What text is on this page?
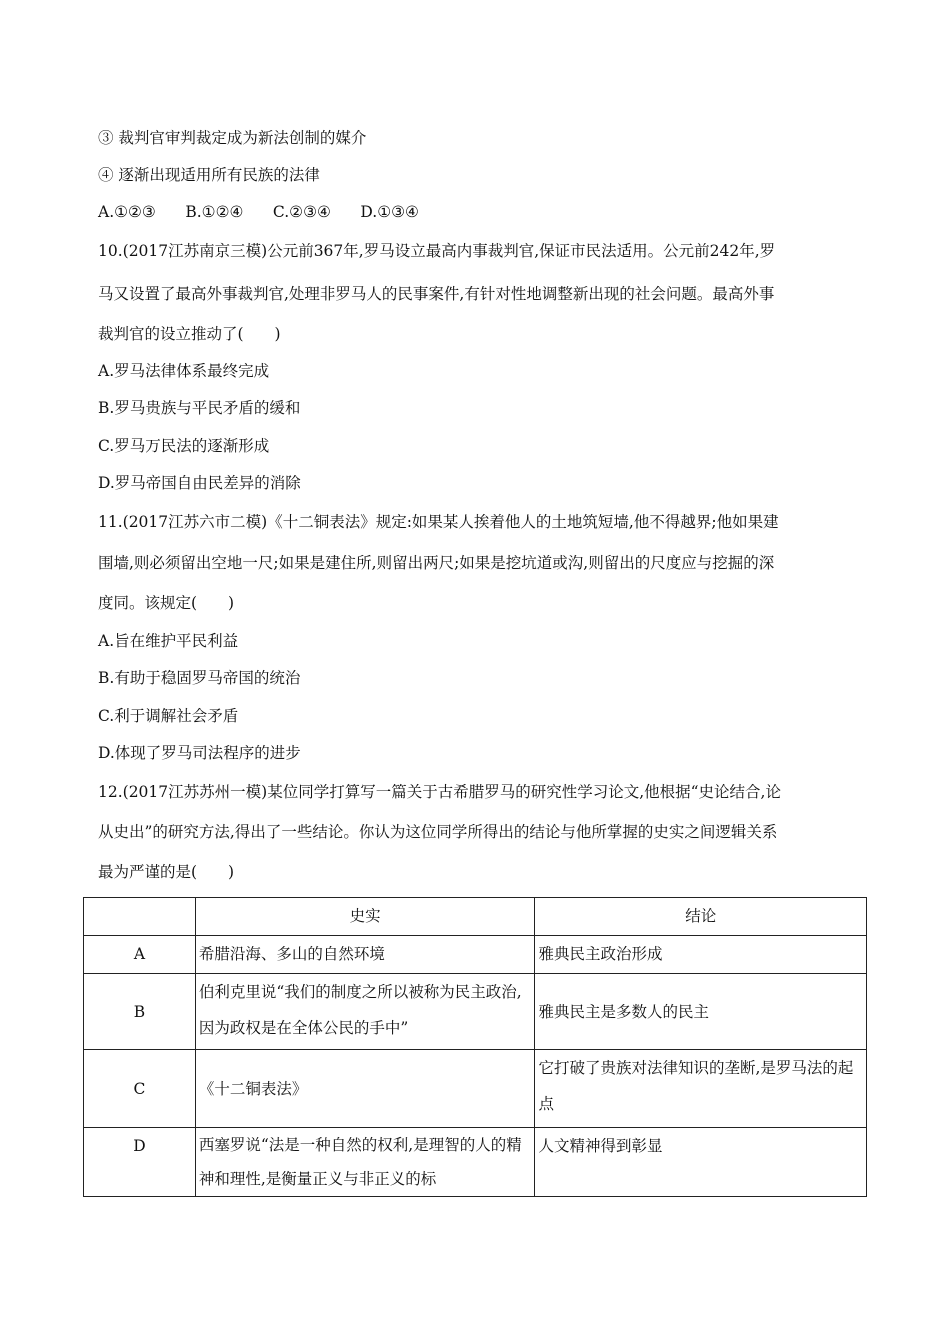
③ 裁判官审判裁定成为新法创制的媒介
④ 逐渐出现适用所有民族的法律
A.①②③      B.①②④      C.②③④      D.①③④
10.(2017江苏南京三模)公元前367年,罗马设立最高内事裁判官,保证市民法适用。公元前242年,罗
马又设置了最高外事裁判官,处理非罗马人的民事案件,有针对性地调整新出现的社会问题。最高外事
裁判官的设立推动了(　　)
A.罗马法律体系最终完成
B.罗马贵族与平民矛盾的缓和
C.罗马万民法的逐渐形成
D.罗马帝国自由民差异的消除
11.(2017江苏六市二模)《十二铜表法》规定:如果某人挨着他人的土地筑短墙,他不得越界;他如果建
围墙,则必须留出空地一尺;如果是建住所,则留出两尺;如果是挖坑道或沟,则留出的尺度应与挖掘的深
度同。该规定(　　)
A.旨在维护平民利益
B.有助于稳固罗马帝国的统治
C.利于调解社会矛盾
D.体现了罗马司法程序的进步
12.(2017江苏苏州一模)某位同学打算写一篇关于古希腊罗马的研究性学习论文,他根据“史论结合,论
从史出”的研究方法,得出了一些结论。你认为这位同学所得出的结论与他所掌握的史实之间逻辑关系
最为严谨的是(　　)
	史实	结论
A	希腊沿海、多山的自然环境	雅典民主政治形成
B	伯利克里说“我们的制度之所以被称为民主政治,因为政权是在全体公民的手中”	雅典民主是多数人的民主
C	《十二铜表法》	它打破了贵族对法律知识的垄断,是罗马法的起点
D	西塞罗说“法是一种自然的权利,是理智的人的精神和理性,是衡量正义与非正义的标	人文精神得到彰显
